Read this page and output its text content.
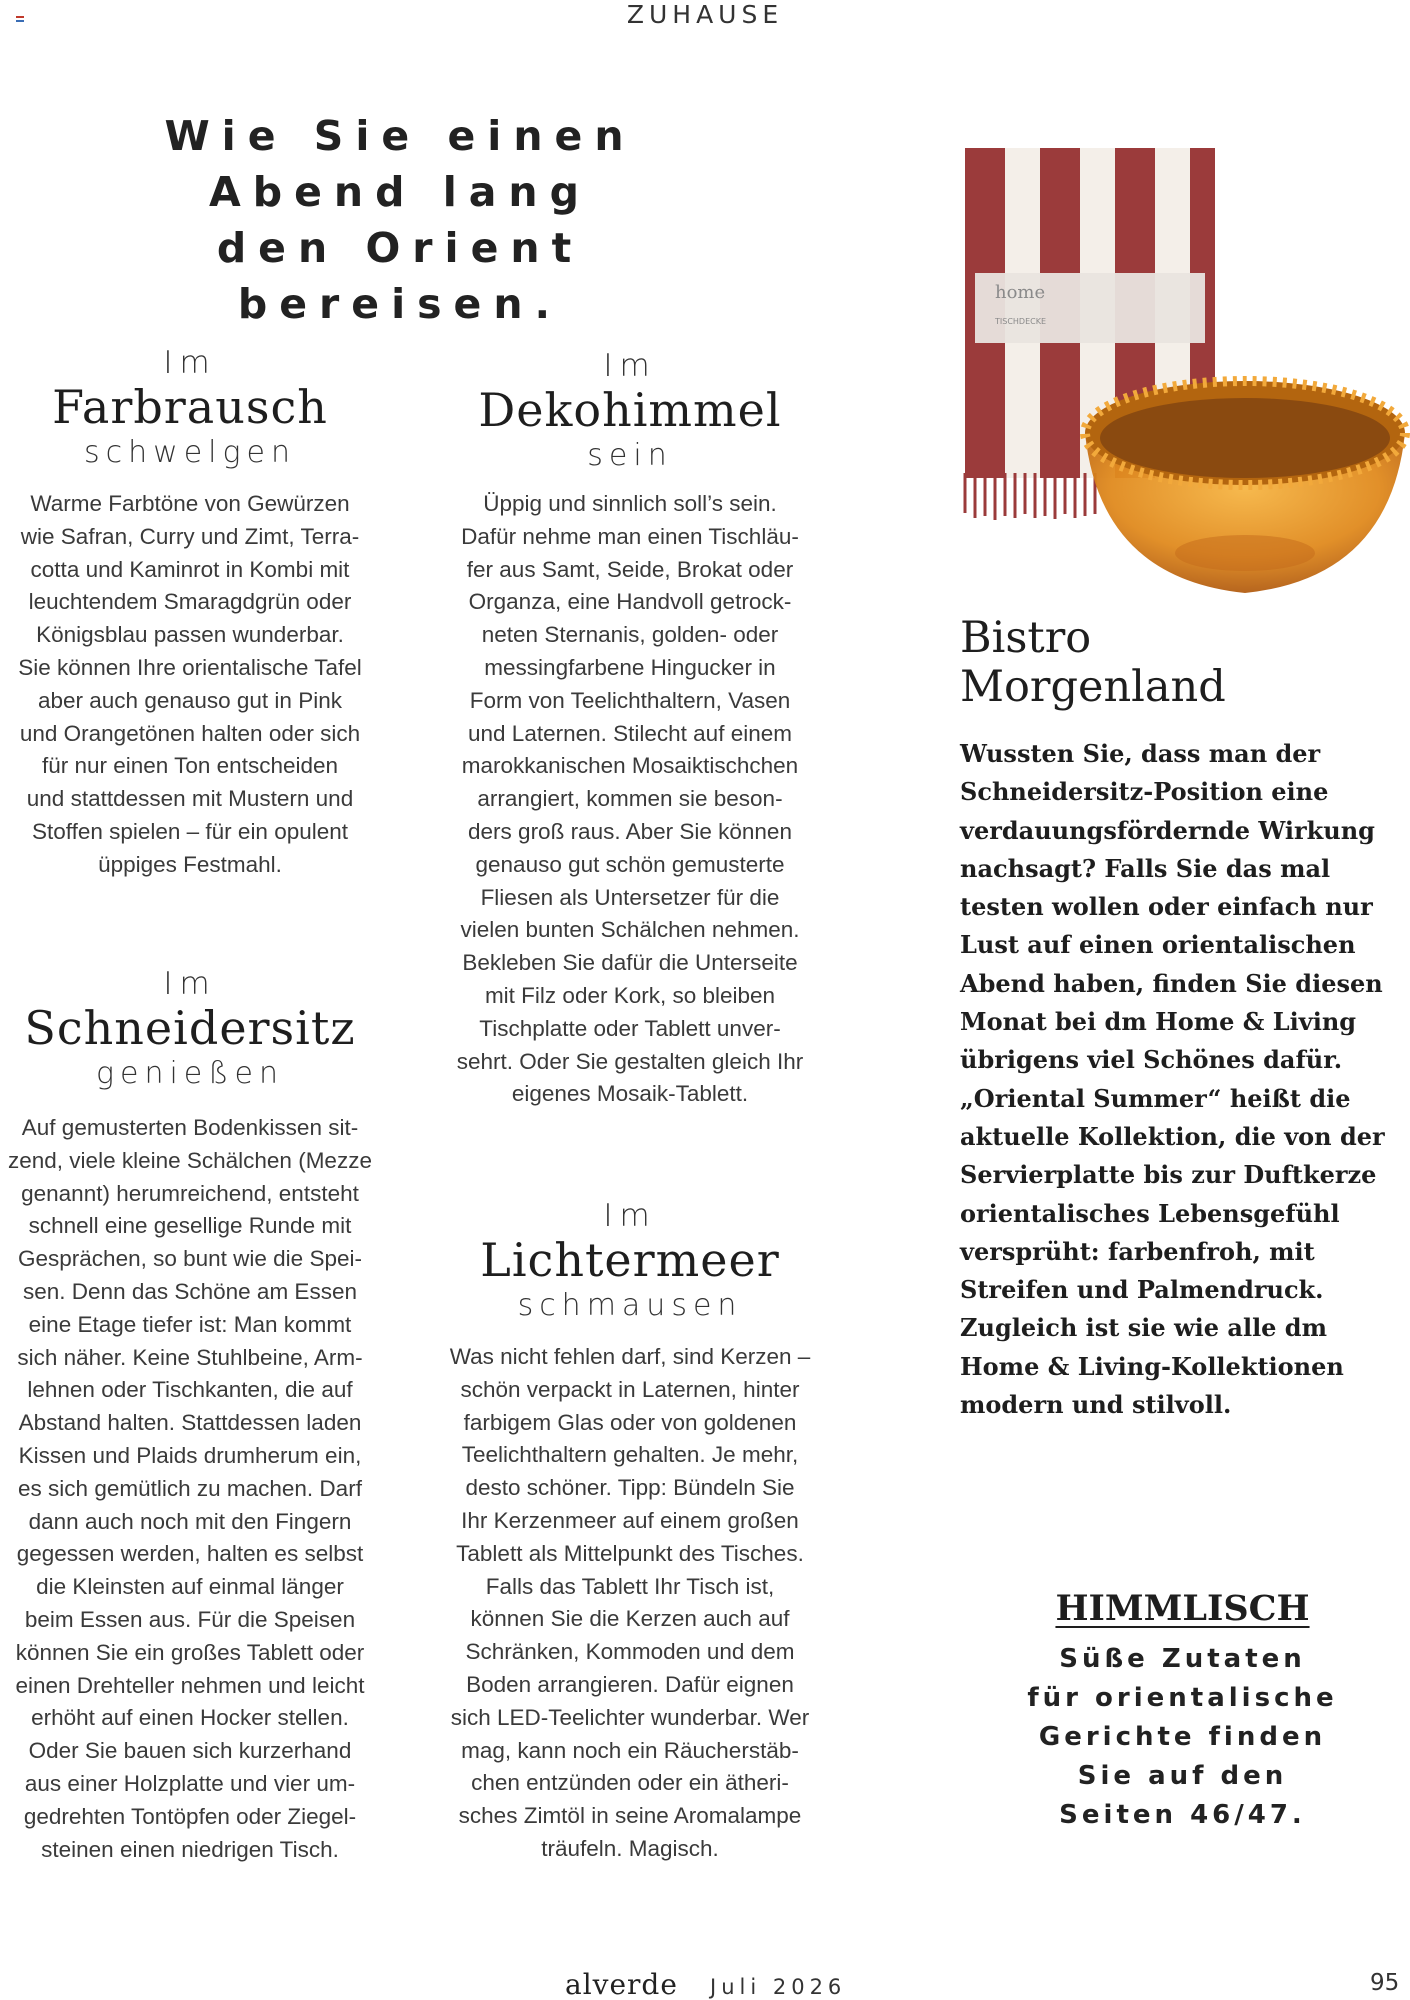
ZUHAUSE
Wie Sie einen Abend lang den Orient bereisen.
Im
Farbrausch
schwelgen

Warme Farbtöne von Gewürzen
wie Safran, Curry und Zimt, Terra-
cotta und Kaminrot in Kombi mit
leuchtendem Smaragdgrün oder
Königsblau passen wunderbar.
Sie können Ihre orientalische Tafel
aber auch genauso gut in Pink
und Orangetönen halten oder sich
für nur einen Ton entscheiden
und stattdessen mit Mustern und
Stoffen spielen – für ein opulent
üppiges Festmahl.

Im
Schneidersitz
genießen

Auf gemusterten Bodenkissen sit-
zend, viele kleine Schälchen (Mezze
genannt) herumreichend, entsteht
schnell eine gesellige Runde mit
Gesprächen, so bunt wie die Spei-
sen. Denn das Schöne am Essen
eine Etage tiefer ist: Man kommt
sich näher. Keine Stuhlbeine, Arm-
lehnen oder Tischkanten, die auf
Abstand halten. Stattdessen laden
Kissen und Plaids drumherum ein,
es sich gemütlich zu machen. Darf
dann auch noch mit den Fingern
gegessen werden, halten es selbst
die Kleinsten auf einmal länger
beim Essen aus. Für die Speisen
können Sie ein großes Tablett oder
einen Drehteller nehmen und leicht
erhöht auf einen Hocker stellen.
Oder Sie bauen sich kurzerhand
aus einer Holzplatte und vier um-
gedrehten Tontöpfen oder Ziegel-
steinen einen niedrigen Tisch.

Im
Dekohimmel
sein

Üppig und sinnlich soll’s sein.
Dafür nehme man einen Tischläu-
fer aus Samt, Seide, Brokat oder
Organza, eine Handvoll getrock-
neten Sternanis, golden- oder
messingfarbene Hingucker in
Form von Teelichthaltern, Vasen
und Laternen. Stilecht auf einem
marokkanischen Mosaiktischchen
arrangiert, kommen sie beson-
ders groß raus. Aber Sie können
genauso gut schön gemusterte
Fliesen als Untersetzer für die
vielen bunten Schälchen nehmen.
Bekleben Sie dafür die Unterseite
mit Filz oder Kork, so bleiben
Tischplatte oder Tablett unver-
sehrt. Oder Sie gestalten gleich Ihr
eigenes Mosaik-Tablett.

Im
Lichtermeer
schmausen

Was nicht fehlen darf, sind Kerzen –
schön verpackt in Laternen, hinter
farbigem Glas oder von goldenen
Teelichthaltern gehalten. Je mehr,
desto schöner. Tipp: Bündeln Sie
Ihr Kerzenmeer auf einem großen
Tablett als Mittelpunkt des Tisches.
Falls das Tablett Ihr Tisch ist,
können Sie die Kerzen auch auf
Schränken, Kommoden und dem
Boden arrangieren. Dafür eignen
sich LED-Teelichter wunderbar. Wer
mag, kann noch ein Räucherstäb-
chen entzünden oder ein ätheri-
sches Zimtöl in seine Aromalampe
träufeln. Magisch.

home
TISCHDECKE
Bistro
Morgenland

Wussten Sie, dass man der
Schneidersitz-Position eine
verdauungsfördernde Wirkung
nachsagt? Falls Sie das mal
testen wollen oder einfach nur
Lust auf einen orientalischen
Abend haben, finden Sie diesen
Monat bei dm Home & Living
übrigens viel Schönes dafür.
„Oriental Summer“ heißt die
aktuelle Kollektion, die von der
Servierplatte bis zur Duftkerze
orientalisches Lebensgefühl
versprüht: farbenfroh, mit
Streifen und Palmendruck.
Zugleich ist sie wie alle dm
Home & Living-Kollektionen
modern und stilvoll.

HIMMLISCH

Süße Zutaten
für orientalische
Gerichte finden
Sie auf den
Seiten 46/47.

alverde Juli 2026	95
